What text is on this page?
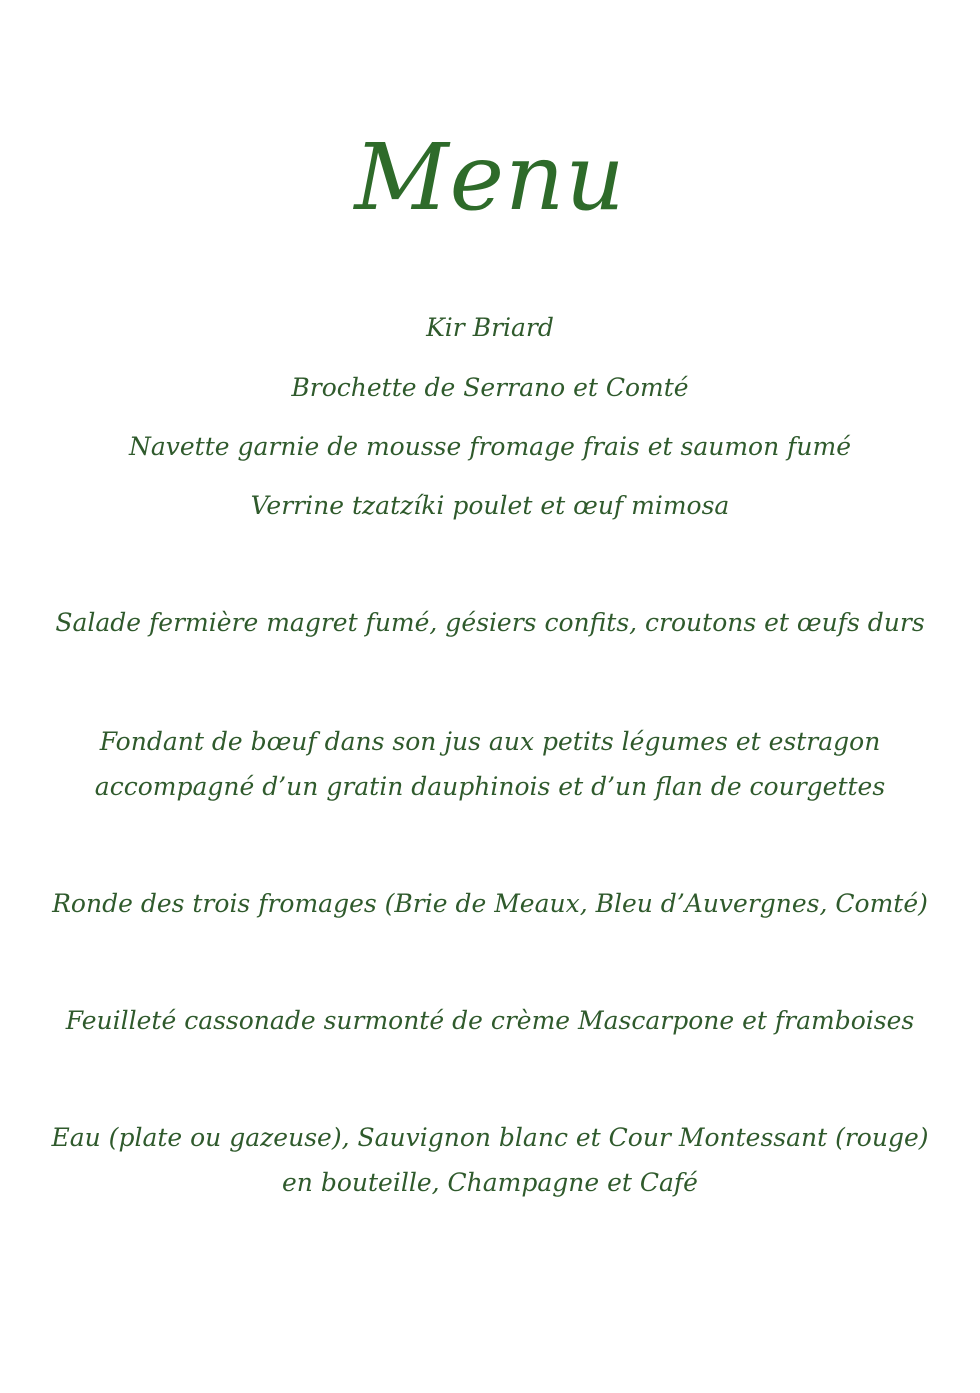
Menu
Kir Briard
Brochette de Serrano et Comté
Navette garnie de mousse fromage frais et saumon fumé
Verrine tzatzíki poulet et œuf mimosa
Salade fermière magret fumé, gésiers confits, croutons et œufs durs
Fondant de bœuf dans son jus aux petits légumes et estragon
accompagné d’un gratin dauphinois et d’un flan de courgettes
Ronde des trois fromages (Brie de Meaux, Bleu d’Auvergnes, Comté)
Feuilleté cassonade surmonté de crème Mascarpone et framboises
Eau (plate ou gazeuse), Sauvignon blanc et Cour Montessant (rouge)
en bouteille, Champagne et Café
